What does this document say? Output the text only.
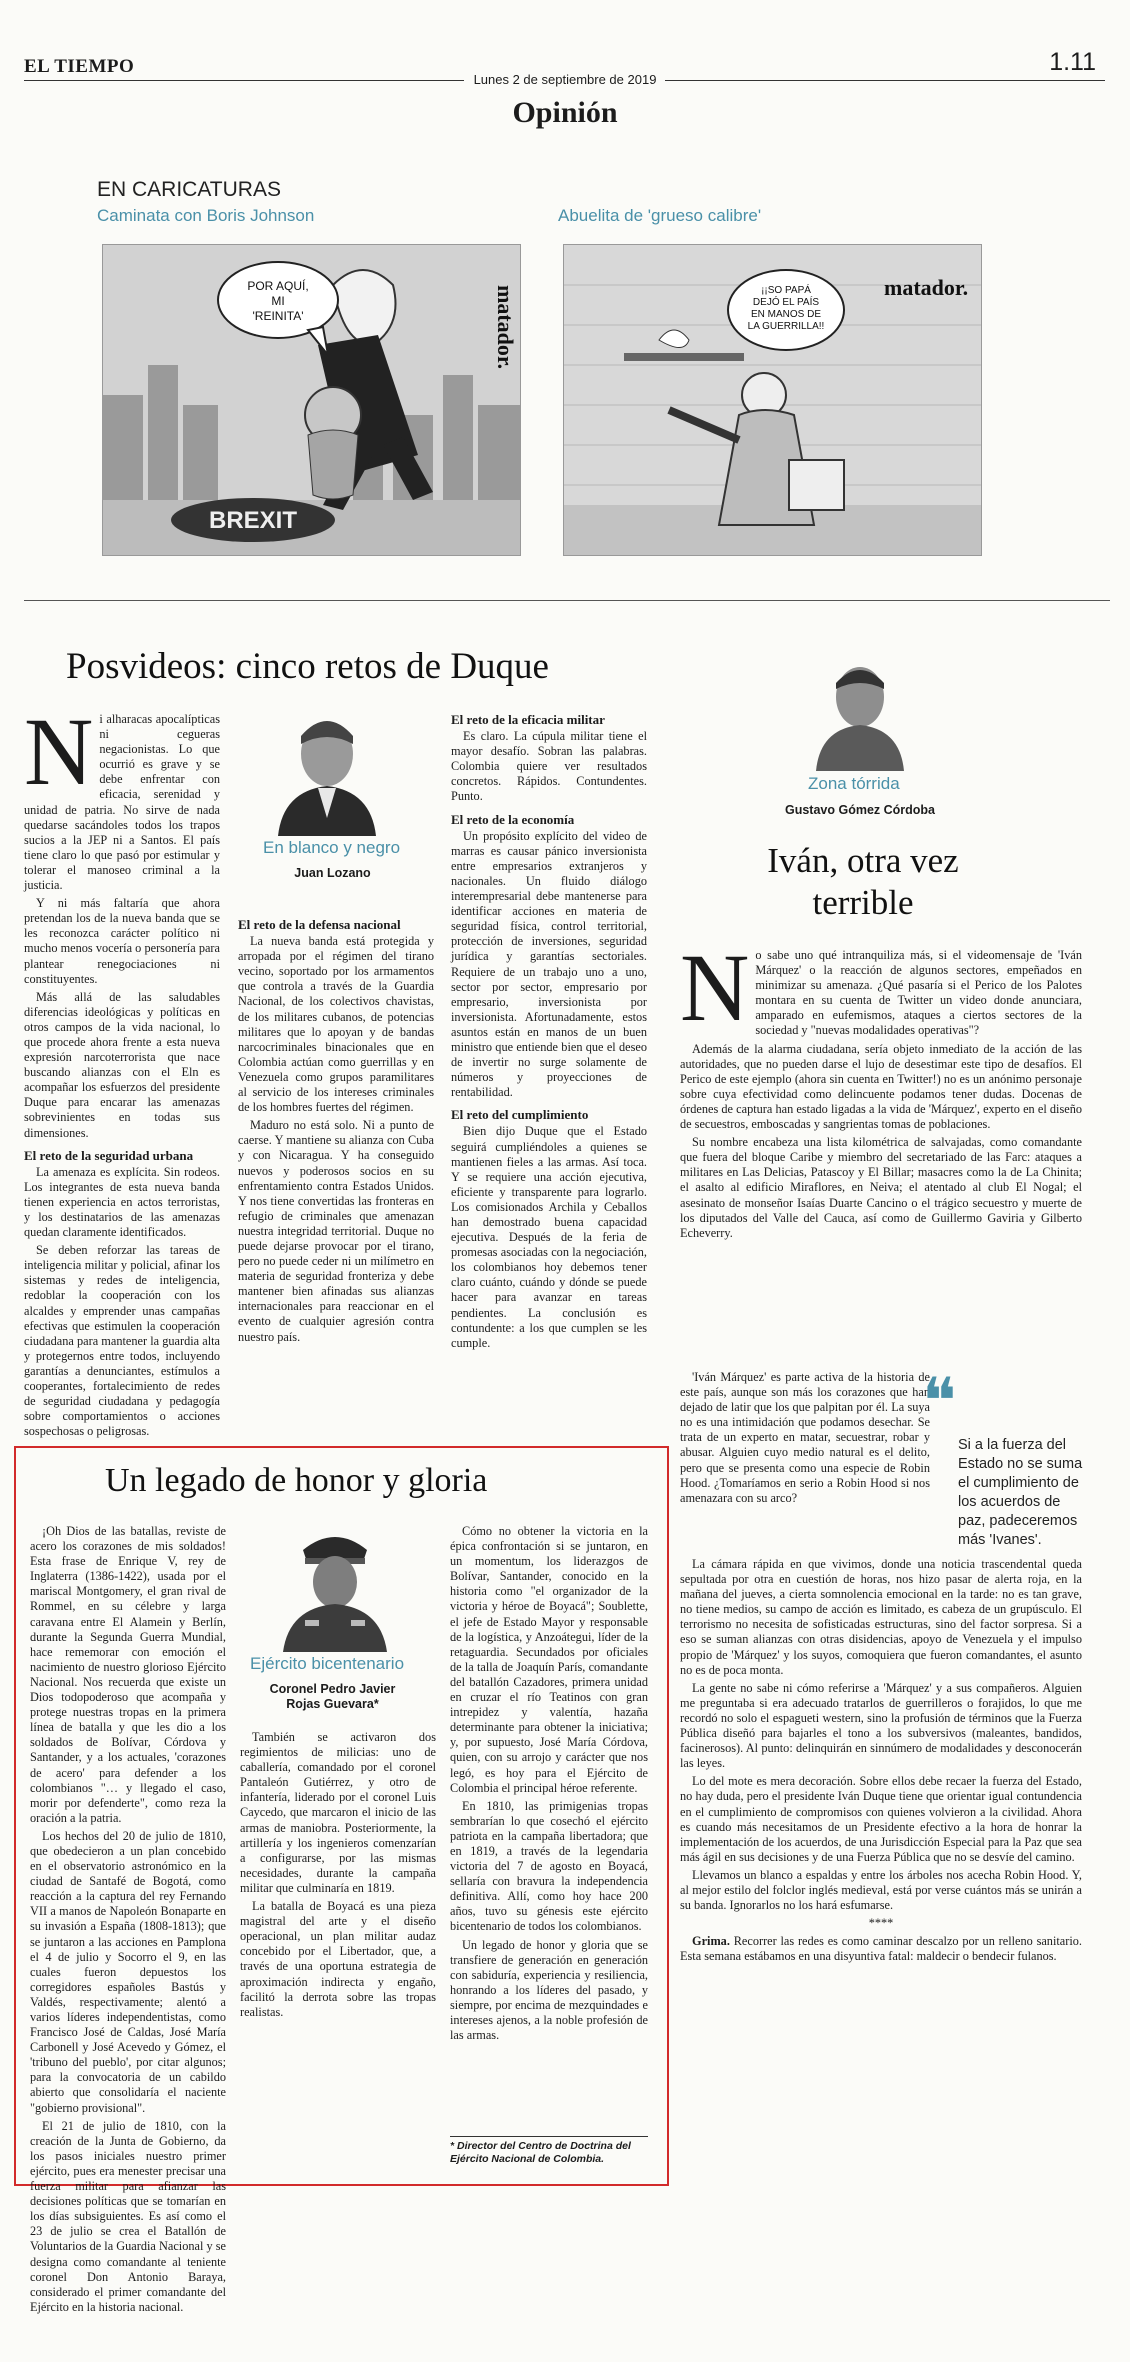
EL TIEMPO
Lunes 2 de septiembre de 2019
1.11
Opinión
EN CARICATURAS
Caminata con Boris Johnson	Abuelita de 'grueso calibre'
BREXIT
POR AQUÍ,
MI
'REINITA'	matador.	¡¡SO PAPÁ
DEJÓ EL PAÍS
EN MANOS DE
LA GUERRILLA!!
matador.
Posvideos: cinco retos de Duque

Ni alharacas apocalípticas ni cegueras negacionistas. Lo que ocurrió es grave y se debe enfrentar con eficacia, serenidad y unidad de patria. No sirve de nada quedarse sacándoles todos los trapos sucios a la JEP ni a Santos. El país tiene claro lo que pasó por estimular y tolerar el manoseo criminal a la justicia.

Y ni más faltaría que ahora pretendan los de la nueva banda que se les reconozca carácter político ni mucho menos vocería o personería para plantear renegociaciones ni constituyentes.

Más allá de las saludables diferencias ideológicas y políticas en otros campos de la vida nacional, lo que procede ahora frente a esta nueva expresión narcoterrorista que nace buscando alianzas con el Eln es acompañar los esfuerzos del presidente Duque para encarar las amenazas sobrevinientes en todas sus dimensiones.

El reto de la seguridad urbana

La amenaza es explícita. Sin rodeos. Los integrantes de esta nueva banda tienen experiencia en actos terroristas, y los destinatarios de las amenazas quedan claramente identificados.

Se deben reforzar las tareas de inteligencia militar y policial, afinar los sistemas y redes de inteligencia, redoblar la cooperación con los alcaldes y emprender unas campañas efectivas que estimulen la cooperación ciudadana para mantener la guardia alta y protegernos entre todos, incluyendo garantías a denunciantes, estímulos a cooperantes, fortalecimiento de redes de seguridad ciudadana y pedagogía sobre comportamientos o acciones sospechosas o peligrosas.

En blanco y negro
Juan Lozano

El reto de la defensa nacional

La nueva banda está protegida y arropada por el régimen del tirano vecino, soportado por los armamentos que controla a través de la Guardia Nacional, de los colectivos chavistas, de los militares cubanos, de potencias militares que lo apoyan y de bandas narcocriminales binacionales que en Colombia actúan como guerrillas y en Venezuela como grupos paramilitares al servicio de los intereses criminales de los hombres fuertes del régimen.

Maduro no está solo. Ni a punto de caerse. Y mantiene su alianza con Cuba y con Nicaragua. Y ha conseguido nuevos y poderosos socios en su enfrentamiento contra Estados Unidos. Y nos tiene convertidas las fronteras en refugio de criminales que amenazan nuestra integridad territorial. Duque no puede dejarse provocar por el tirano, pero no puede ceder ni un milímetro en materia de seguridad fronteriza y debe mantener bien afinadas sus alianzas internacionales para reaccionar en el evento de cualquier agresión contra nuestro país.

El reto de la eficacia militar

Es claro. La cúpula militar tiene el mayor desafío. Sobran las palabras. Colombia quiere ver resultados concretos. Rápidos. Contundentes. Punto.

El reto de la economía

Un propósito explícito del video de marras es causar pánico inversionista entre empresarios extranjeros y nacionales. Un fluido diálogo interempresarial debe mantenerse para identificar acciones en materia de seguridad física, control territorial, protección de inversiones, seguridad jurídica y garantías sectoriales. Requiere de un trabajo uno a uno, sector por sector, empresario por empresario, inversionista por inversionista. Afortunadamente, estos asuntos están en manos de un buen ministro que entiende bien que el deseo de invertir no surge solamente de números y proyecciones de rentabilidad.

El reto del cumplimiento

Bien dijo Duque que el Estado seguirá cumpliéndoles a quienes se mantienen fieles a las armas. Así toca. Y se requiere una acción ejecutiva, eficiente y transparente para lograrlo. Los comisionados Archila y Ceballos han demostrado buena capacidad ejecutiva. Después de la feria de promesas asociadas con la negociación, los colombianos hoy debemos tener claro cuánto, cuándo y dónde se puede hacer para avanzar en tareas pendientes. La conclusión es contundente: a los que cumplen se les cumple.

Zona tórrida
Gustavo Gómez Córdoba
Iván, otra vez
terrible

No sabe uno qué intranquiliza más, si el videomensaje de 'Iván Márquez' o la reacción de algunos sectores, empeñados en minimizar su amenaza. ¿Qué pasaría si el Perico de los Palotes montara en su cuenta de Twitter un video donde anunciara, amparado en eufemismos, ataques a ciertos sectores de la sociedad y "nuevas modalidades operativas"?

Además de la alarma ciudadana, sería objeto inmediato de la acción de las autoridades, que no pueden darse el lujo de desestimar este tipo de desafíos. El Perico de este ejemplo (ahora sin cuenta en Twitter!) no es un anónimo personaje sobre cuya efectividad como delincuente podamos tener dudas. Docenas de órdenes de captura han estado ligadas a la vida de 'Márquez', experto en el diseño de secuestros, emboscadas y sangrientas tomas de poblaciones.

Su nombre encabeza una lista kilométrica de salvajadas, como comandante que fuera del bloque Caribe y miembro del secretariado de las Farc: ataques a militares en Las Delicias, Patascoy y El Billar; masacres como la de La Chinita; el asalto al edificio Miraflores, en Neiva; el atentado al club El Nogal; el asesinato de monseñor Isaías Duarte Cancino o el trágico secuestro y muerte de los diputados del Valle del Cauca, así como de Guillermo Gaviria y Gilberto Echeverry.

'Iván Márquez' es parte activa de la historia de este país, aunque son más los corazones que han dejado de latir que los que palpitan por él. La suya no es una intimidación que podamos desechar. Se trata de un experto en matar, secuestrar, robar y abusar. Alguien cuyo medio natural es el delito, pero que se presenta como una especie de Robin Hood. ¿Tomaríamos en serio a Robin Hood si nos amenazara con su arco?

❝
Si a la fuerza del Estado no se suma el cumplimiento de los acuerdos de paz, padeceremos más 'Ivanes'.

La cámara rápida en que vivimos, donde una noticia trascendental queda sepultada por otra en cuestión de horas, nos hizo pasar de alerta roja, en la mañana del jueves, a cierta somnolencia emocional en la tarde: no es tan grave, no tiene medios, su campo de acción es limitado, es cabeza de un grupúsculo. El terrorismo no necesita de sofisticadas estructuras, sino del factor sorpresa. Si a eso se suman alianzas con otras disidencias, apoyo de Venezuela y el impulso propio de 'Márquez' y los suyos, comoquiera que fueron comandantes, el asunto no es de poca monta.

La gente no sabe ni cómo referirse a 'Márquez' y a sus compañeros. Alguien me preguntaba si era adecuado tratarlos de guerrilleros o forajidos, lo que me recordó no solo el espagueti western, sino la profusión de términos que la Fuerza Pública diseñó para bajarles el tono a los subversivos (maleantes, bandidos, facinerosos). Al punto: delinquirán en sinnúmero de modalidades y desconocerán las leyes.

Lo del mote es mera decoración. Sobre ellos debe recaer la fuerza del Estado, no hay duda, pero el presidente Iván Duque tiene que orientar igual contundencia en el cumplimiento de compromisos con quienes volvieron a la civilidad. Ahora es cuando más necesitamos de un Presidente efectivo a la hora de honrar la implementación de los acuerdos, de una Jurisdicción Especial para la Paz que sea más ágil en sus decisiones y de una Fuerza Pública que no se desvíe del camino.

Llevamos un blanco a espaldas y entre los árboles nos acecha Robin Hood. Y, al mejor estilo del folclor inglés medieval, está por verse cuántos más se unirán a su banda. Ignorarlos no los hará esfumarse.

****

Grima. Recorrer las redes es como caminar descalzo por un relleno sanitario. Esta semana estábamos en una disyuntiva fatal: maldecir o bendecir fulanos.

Un legado de honor y gloria

¡Oh Dios de las batallas, reviste de acero los corazones de mis soldados! Esta frase de Enrique V, rey de Inglaterra (1386-1422), usada por el mariscal Montgomery, el gran rival de Rommel, en su célebre y larga caravana entre El Alamein y Berlín, durante la Segunda Guerra Mundial, hace rememorar con emoción el nacimiento de nuestro glorioso Ejército Nacional. Nos recuerda que existe un Dios todopoderoso que acompaña y protege nuestras tropas en la primera línea de batalla y que les dio a los soldados de Bolívar, Córdova y Santander, y a los actuales, 'corazones de acero' para defender a los colombianos "… y llegado el caso, morir por defenderte", como reza la oración a la patria.

Los hechos del 20 de julio de 1810, que obedecieron a un plan concebido en el observatorio astronómico en la ciudad de Santafé de Bogotá, como reacción a la captura del rey Fernando VII a manos de Napoleón Bonaparte en su invasión a España (1808-1813); que se juntaron a las acciones en Pamplona el 4 de julio y Socorro el 9, en las cuales fueron depuestos los corregidores españoles Bastús y Valdés, respectivamente; alentó a varios líderes independentistas, como Francisco José de Caldas, José María Carbonell y José Acevedo y Gómez, el 'tribuno del pueblo', por citar algunos; para la convocatoria de un cabildo abierto que consolidaría el naciente "gobierno provisional".

El 21 de julio de 1810, con la creación de la Junta de Gobierno, da los pasos iniciales nuestro primer ejército, pues era menester precisar una fuerza militar para afianzar las decisiones políticas que se tomarían en los días subsiguientes. Es así como el 23 de julio se crea el Batallón de Voluntarios de la Guardia Nacional y se designa como comandante al teniente coronel Don Antonio Baraya, considerado el primer comandante del Ejército en la historia nacional.

Ejército bicentenario
Coronel Pedro Javier
Rojas Guevara*

También se activaron dos regimientos de milicias: uno de caballería, comandado por el coronel Pantaleón Gutiérrez, y otro de infantería, liderado por el coronel Luis Caycedo, que marcaron el inicio de las armas de maniobra. Posteriormente, la artillería y los ingenieros comenzarían a configurarse, por las mismas necesidades, durante la campaña militar que culminaría en 1819.

La batalla de Boyacá es una pieza magistral del arte y el diseño operacional, un plan militar audaz concebido por el Libertador, que, a través de una oportuna estrategia de aproximación indirecta y engaño, facilitó la derrota sobre las tropas realistas.

Cómo no obtener la victoria en la épica confrontación si se juntaron, en un momentum, los liderazgos de Bolívar, Santander, conocido en la historia como "el organizador de la victoria y héroe de Boyacá"; Soublette, el jefe de Estado Mayor y responsable de la logística, y Anzoátegui, líder de la retaguardia. Secundados por oficiales de la talla de Joaquín París, comandante del batallón Cazadores, primera unidad en cruzar el río Teatinos con gran intrepidez y valentía, hazaña determinante para obtener la iniciativa; y, por supuesto, José María Córdova, quien, con su arrojo y carácter que nos legó, es hoy para el Ejército de Colombia el principal héroe referente.

En 1810, las primigenias tropas sembrarían lo que cosechó el ejército patriota en la campaña libertadora; que en 1819, a través de la legendaria victoria del 7 de agosto en Boyacá, sellaría con bravura la independencia definitiva. Allí, como hoy hace 200 años, tuvo su génesis este ejército bicentenario de todos los colombianos.

Un legado de honor y gloria que se transfiere de generación en generación con sabiduría, experiencia y resiliencia, honrando a los líderes del pasado, y siempre, por encima de mezquindades e intereses ajenos, a la noble profesión de las armas.

* Director del Centro de Doctrina del
Ejército Nacional de Colombia.
